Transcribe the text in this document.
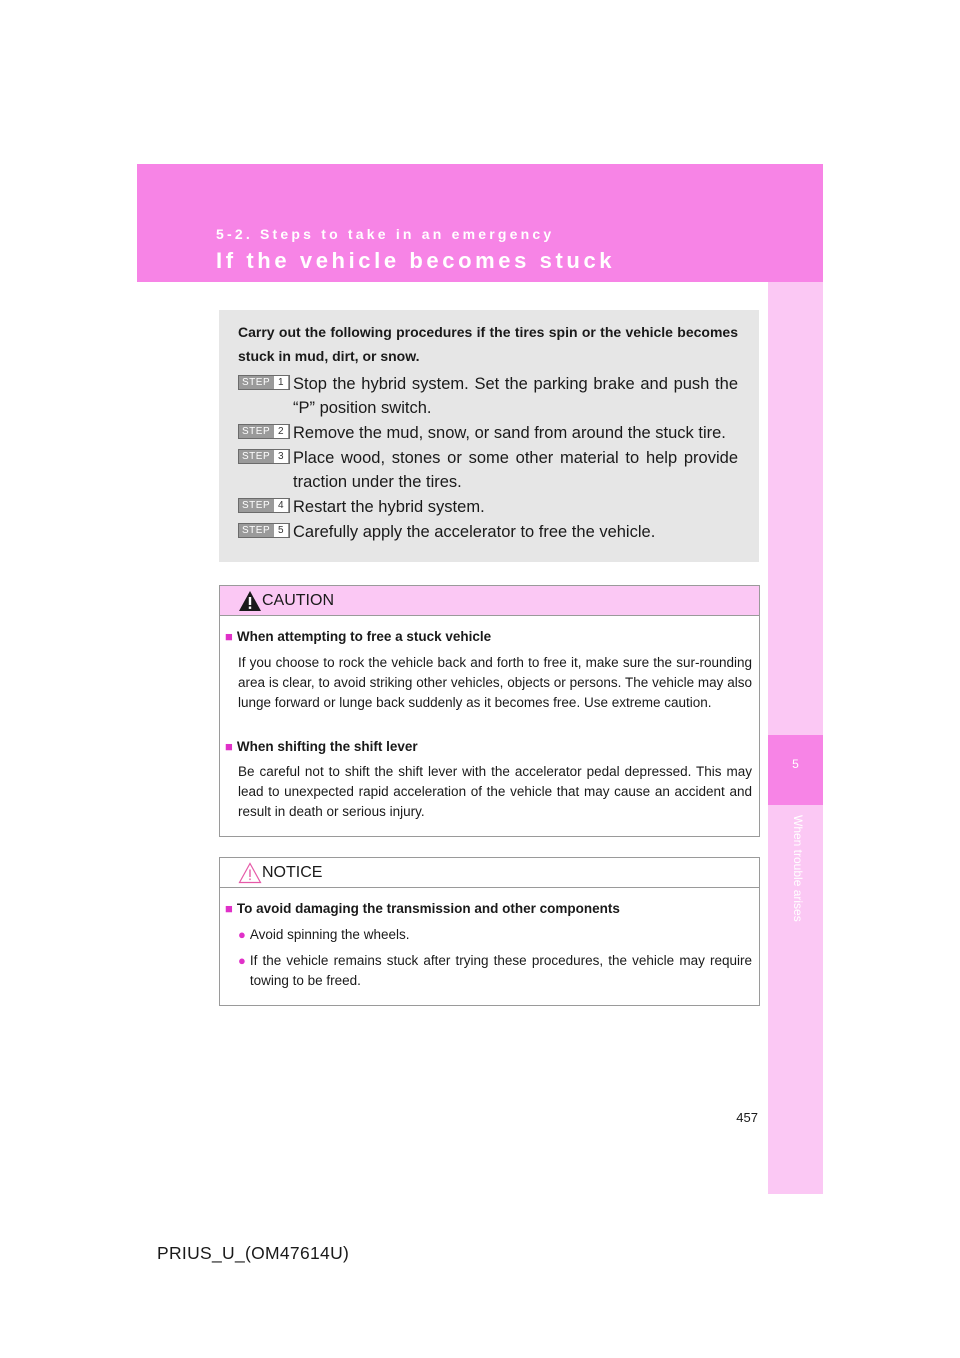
5-2. Steps to take in an emergency
If the vehicle becomes stuck
5
When trouble arises
Carry out the following procedures if the tires spin or the vehicle becomes stuck in mud, dirt, or snow.
STEP 1 Stop the hybrid system. Set the parking brake and push the “P” position switch.
STEP 2 Remove the mud, snow, or sand from around the stuck tire.
STEP 3 Place wood, stones or some other material to help provide traction under the tires.
STEP 4 Restart the hybrid system.
STEP 5 Carefully apply the accelerator to free the vehicle.
CAUTION
■ When attempting to free a stuck vehicle
If you choose to rock the vehicle back and forth to free it, make sure the sur-rounding area is clear, to avoid striking other vehicles, objects or persons. The vehicle may also lunge forward or lunge back suddenly as it becomes free. Use extreme caution.
■ When shifting the shift lever
Be careful not to shift the shift lever with the accelerator pedal depressed. This may lead to unexpected rapid acceleration of the vehicle that may cause an accident and result in death or serious injury.
NOTICE
■ To avoid damaging the transmission and other components
● Avoid spinning the wheels.
● If the vehicle remains stuck after trying these procedures, the vehicle may require towing to be freed.
457
PRIUS_U_(OM47614U)
